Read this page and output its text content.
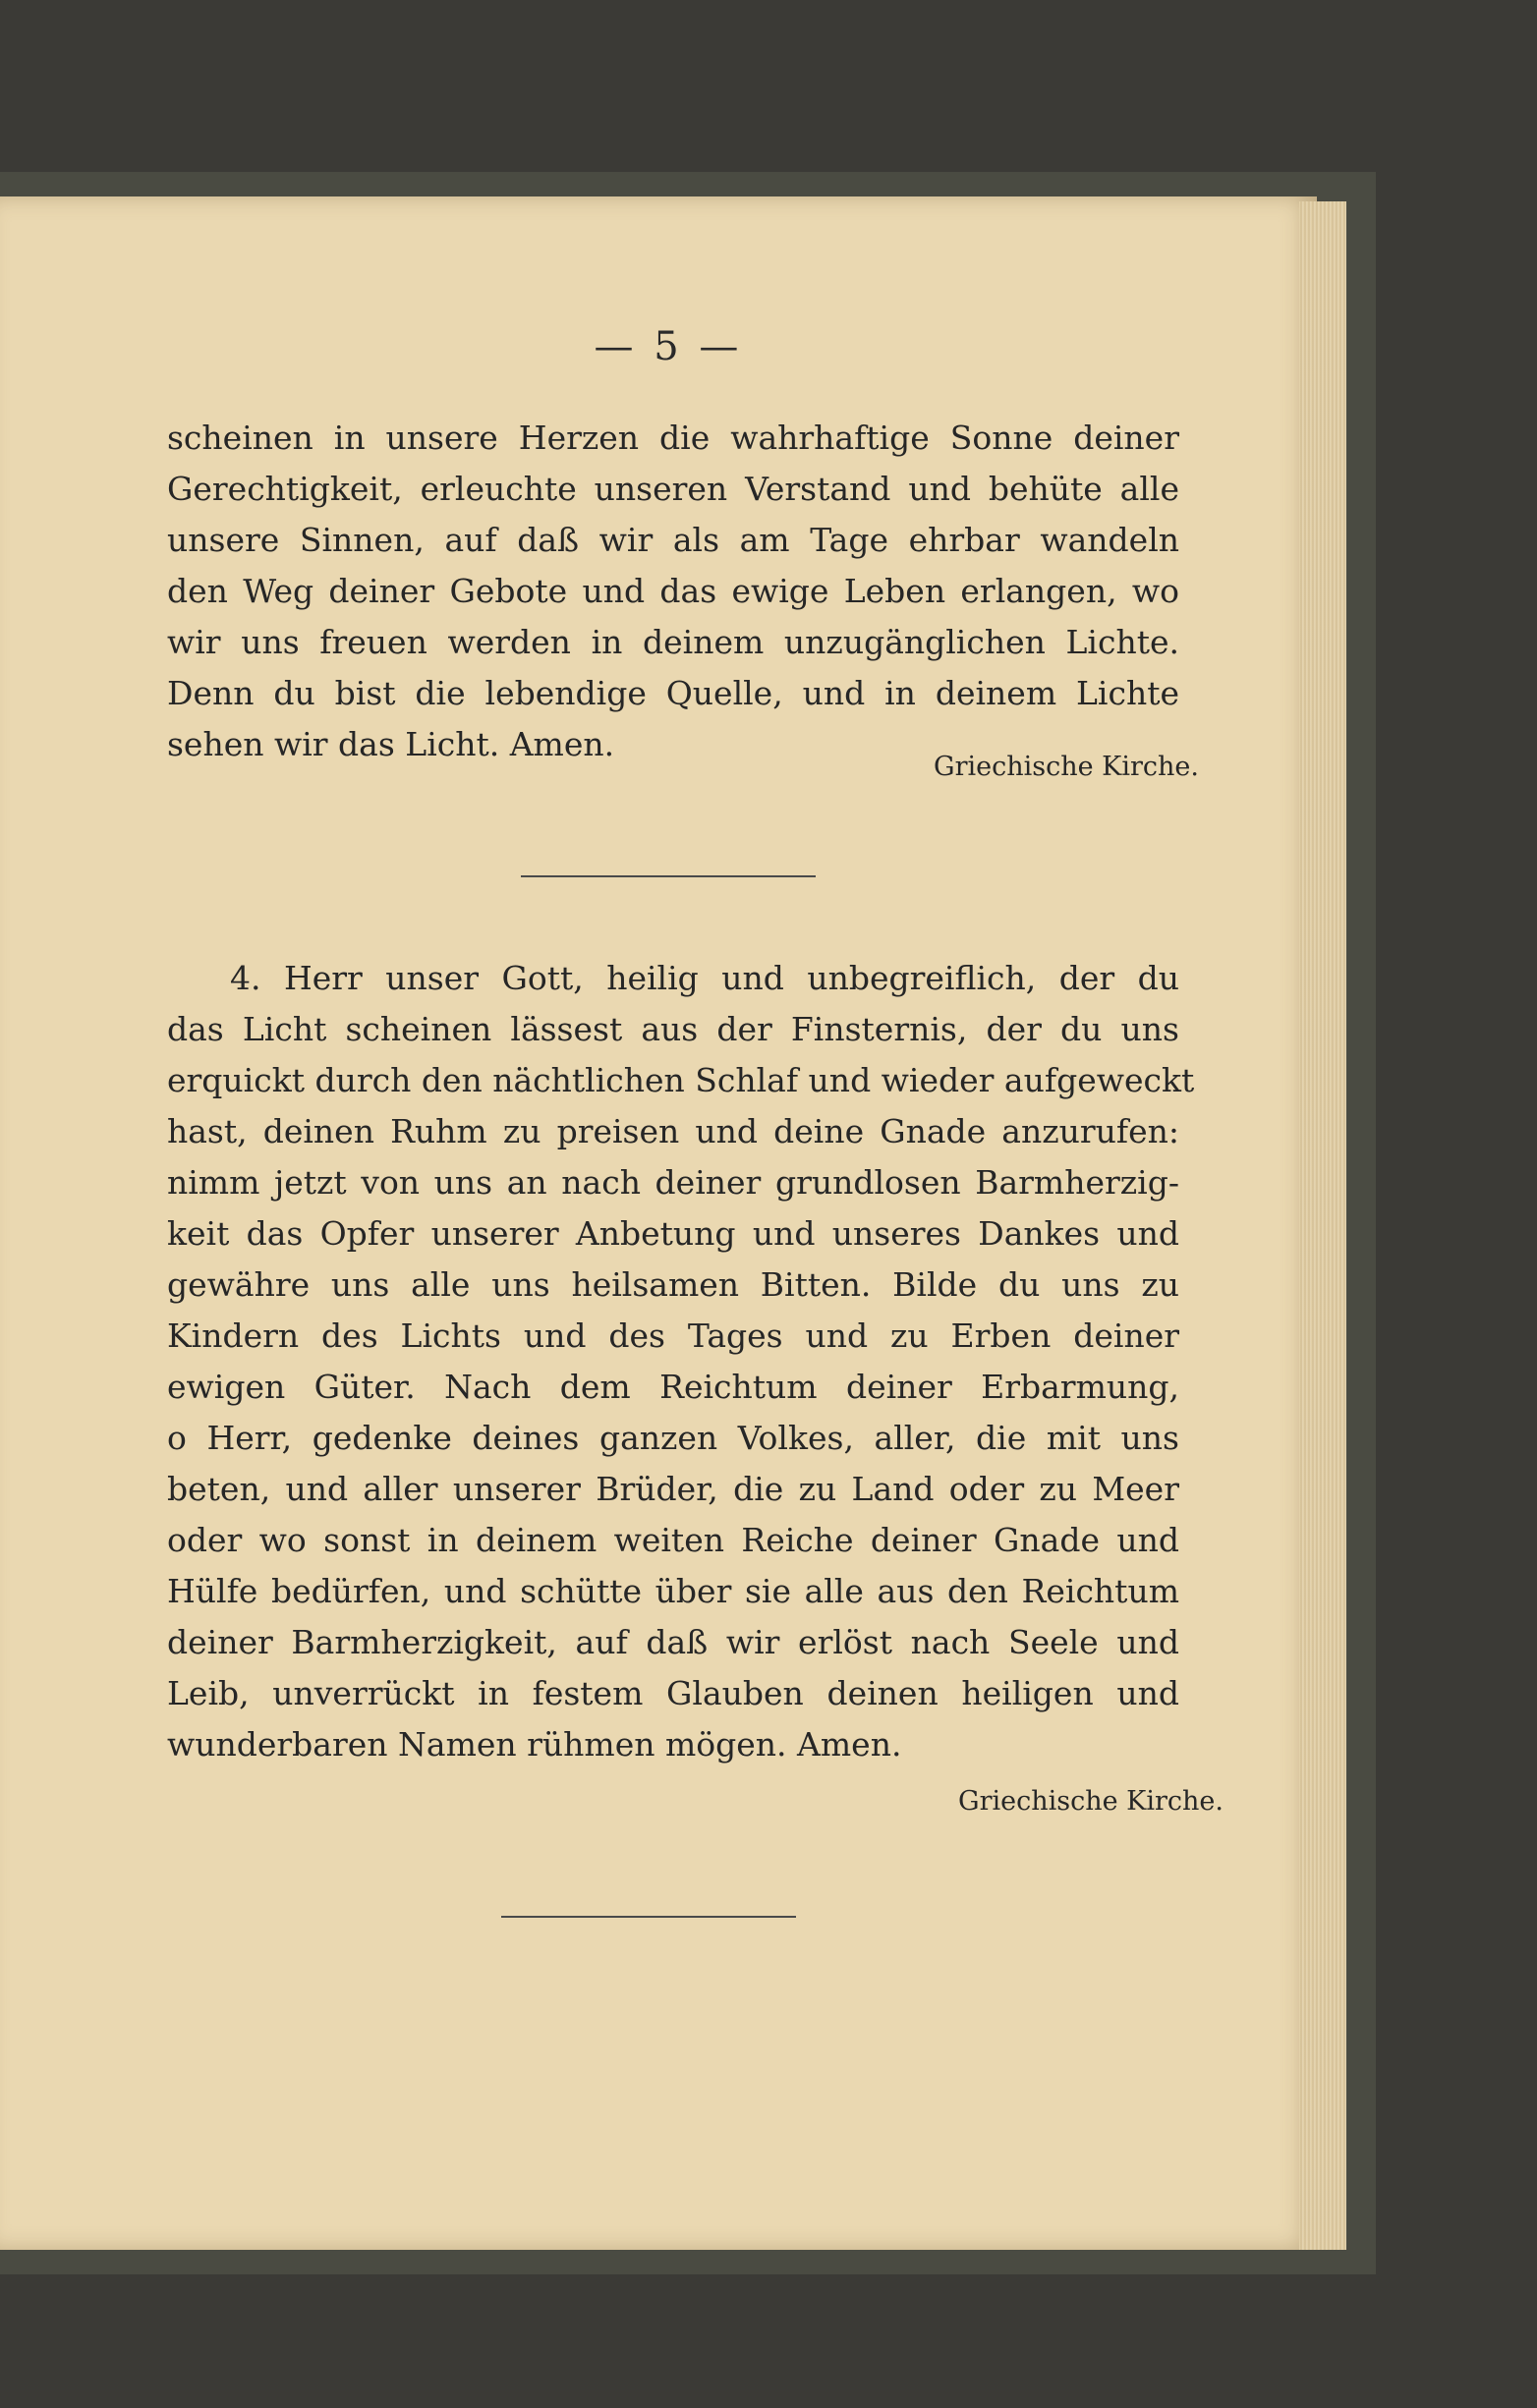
— 5 —
scheinen in unsere Herzen die wahrhaftige Sonne deiner
Gerechtigkeit, erleuchte unseren Verstand und behüte alle
unsere Sinnen, auf daß wir als am Tage ehrbar wandeln
den Weg deiner Gebote und das ewige Leben erlangen, wo
wir uns freuen werden in deinem unzugänglichen Lichte.
Denn du bist die lebendige Quelle, und in deinem Lichte
sehen wir das Licht. Amen.
Griechische Kirche.
4. Herr unser Gott, heilig und unbegreiflich, der du
das Licht scheinen lässest aus der Finsternis, der du uns
erquickt durch den nächtlichen Schlaf und wieder aufgeweckt
hast, deinen Ruhm zu preisen und deine Gnade anzurufen:
nimm jetzt von uns an nach deiner grundlosen Barmherzig-
keit das Opfer unserer Anbetung und unseres Dankes und
gewähre uns alle uns heilsamen Bitten. Bilde du uns zu
Kindern des Lichts und des Tages und zu Erben deiner
ewigen Güter. Nach dem Reichtum deiner Erbarmung,
o Herr, gedenke deines ganzen Volkes, aller, die mit uns
beten, und aller unserer Brüder, die zu Land oder zu Meer
oder wo sonst in deinem weiten Reiche deiner Gnade und
Hülfe bedürfen, und schütte über sie alle aus den Reichtum
deiner Barmherzigkeit, auf daß wir erlöst nach Seele und
Leib, unverrückt in festem Glauben deinen heiligen und
wunderbaren Namen rühmen mögen. Amen.
Griechische Kirche.
